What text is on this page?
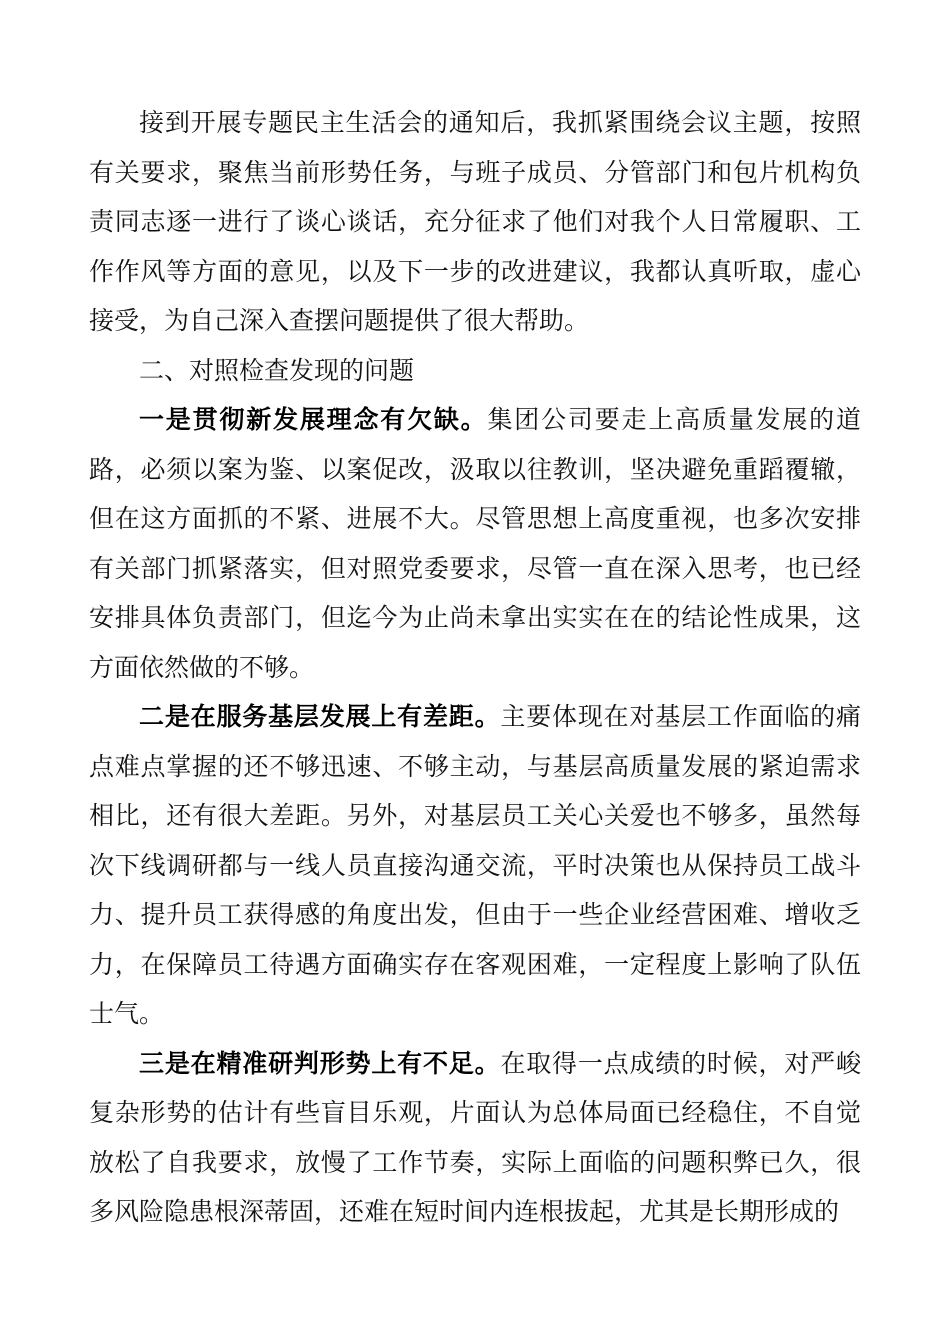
接到开展专题民主生活会的通知后，我抓紧围绕会议主题，按照有关要求，聚焦当前形势任务，与班子成员、分管部门和包片机构负责同志逐一进行了谈心谈话，充分征求了他们对我个人日常履职、工作作风等方面的意见，以及下一步的改进建议，我都认真听取，虚心接受，为自己深入查摆问题提供了很大帮助。

二、对照检查发现的问题

一是贯彻新发展理念有欠缺。集团公司要走上高质量发展的道路，必须以案为鉴、以案促改，汲取以往教训，坚决避免重蹈覆辙，但在这方面抓的不紧、进展不大。尽管思想上高度重视，也多次安排有关部门抓紧落实，但对照党委要求，尽管一直在深入思考，也已经安排具体负责部门，但迄今为止尚未拿出实实在在的结论性成果，这方面依然做的不够。

二是在服务基层发展上有差距。主要体现在对基层工作面临的痛点难点掌握的还不够迅速、不够主动，与基层高质量发展的紧迫需求相比，还有很大差距。另外，对基层员工关心关爱也不够多，虽然每次下线调研都与一线人员直接沟通交流，平时决策也从保持员工战斗力、提升员工获得感的角度出发，但由于一些企业经营困难、增收乏力，在保障员工待遇方面确实存在客观困难，一定程度上影响了队伍士气。

三是在精准研判形势上有不足。在取得一点成绩的时候，对严峻复杂形势的估计有些盲目乐观，片面认为总体局面已经稳住，不自觉放松了自我要求，放慢了工作节奏，实际上面临的问题积弊已久，很多风险隐患根深蒂固，还难在短时间内连根拔起，尤其是长期形成的
